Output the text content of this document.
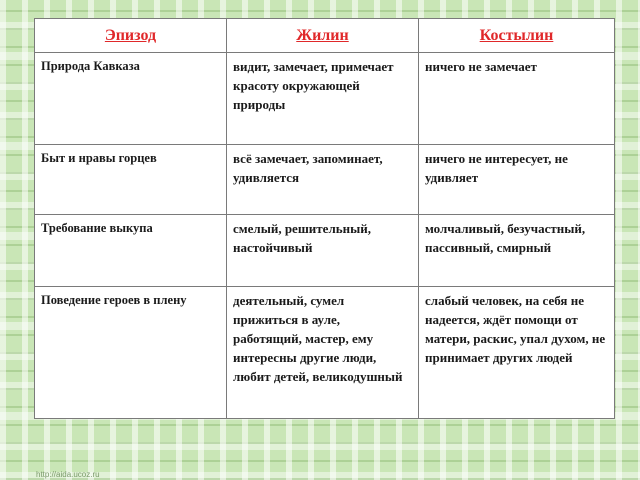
Эпизод	Жилин	Костылин
Природа Кавказа	видит, замечает, примечает красоту окружающей природы	ничего не замечает
Быт и нравы горцев	всё замечает, запоминает, удивляется	ничего не интересует, не удивляет
Требование выкупа	смелый, решительный, настойчивый	молчаливый, безучастный, пассивный, смирный
Поведение героев в плену	деятельный, сумел прижиться в ауле, работящий, мастер, ему интересны другие люди, любит детей, великодушный	слабый человек, на себя не надеется, ждёт помощи от матери, раскис, упал духом, не принимает других людей
http://aida.ucoz.ru
